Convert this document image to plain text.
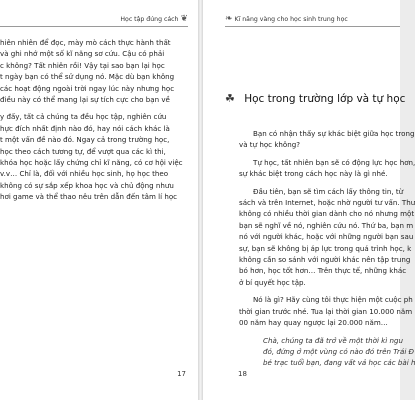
Học tập đúng cách ❦
hiên nhiên để đọc, mày mò cách thực hành thất
và ghi nhớ một số kĩ năng sơ cứu. Cậu có phải
c không? Tất nhiên rồi! Vậy tại sao bạn lại học
t ngày bạn có thể sử dụng nó. Mặc dù bạn không
các hoạt động ngoài trời ngay lúc này nhưng học
điều này có thể mang lại sự tích cực cho bạn về
y đấy, tất cả chúng ta đều học tập, nghiên cứu
hực đích nhất định nào đó, hay nói cách khác là
t một vấn đề nào đó. Ngay cả trong trường học,
học theo cách tương tự, để vượt qua các kì thi,
khóa học hoặc lấy chứng chỉ kĩ năng, có cơ hội việc
v.v… Chỉ là, đối với nhiều học sinh, họ học theo
không có sự sắp xếp khoa học và chủ động nhưu
hơi game và thể thao nêu trên dẫn đến tâm lí học
17
❧ Kĩ năng vàng cho học sinh trung học
☘ Học trong trường lớp và tự học
Bạn có nhận thấy sự khác biệt giữa học trong
và tự học không?
Tự học, tất nhiên bạn sẽ có động lực học hơn,
sự khác biệt trong cách học này là gì nhé.
Đầu tiên, bạn sẽ tìm cách lấy thông tin, từ
sách và trên Internet, hoặc nhờ người tư vấn. Thư
không có nhiều thời gian dành cho nó nhưng một
bạn sẽ nghĩ về nó, nghiên cứu nó. Thứ ba, bạn m
nó với người khác, hoặc với những người bạn sau
sự, bạn sẽ không bị áp lực trong quá trình học, k
không cần so sánh với người khác nên tập trung
bó hơn, học tốt hơn… Trên thực tế, những khác
ở bí quyết học tập.
Nó là gì? Hãy cùng tôi thực hiện một cuộc ph
thời gian trước nhé. Tua lại thời gian 10.000 năm
00 năm hay quay ngược lại 20.000 năm…
Chà, chúng ta đã trở về một thời kì ngu
đó, đứng ở một vùng có nào đó trên Trái Đ
bé trạc tuổi bạn, đang vất vả học các bài h
18
